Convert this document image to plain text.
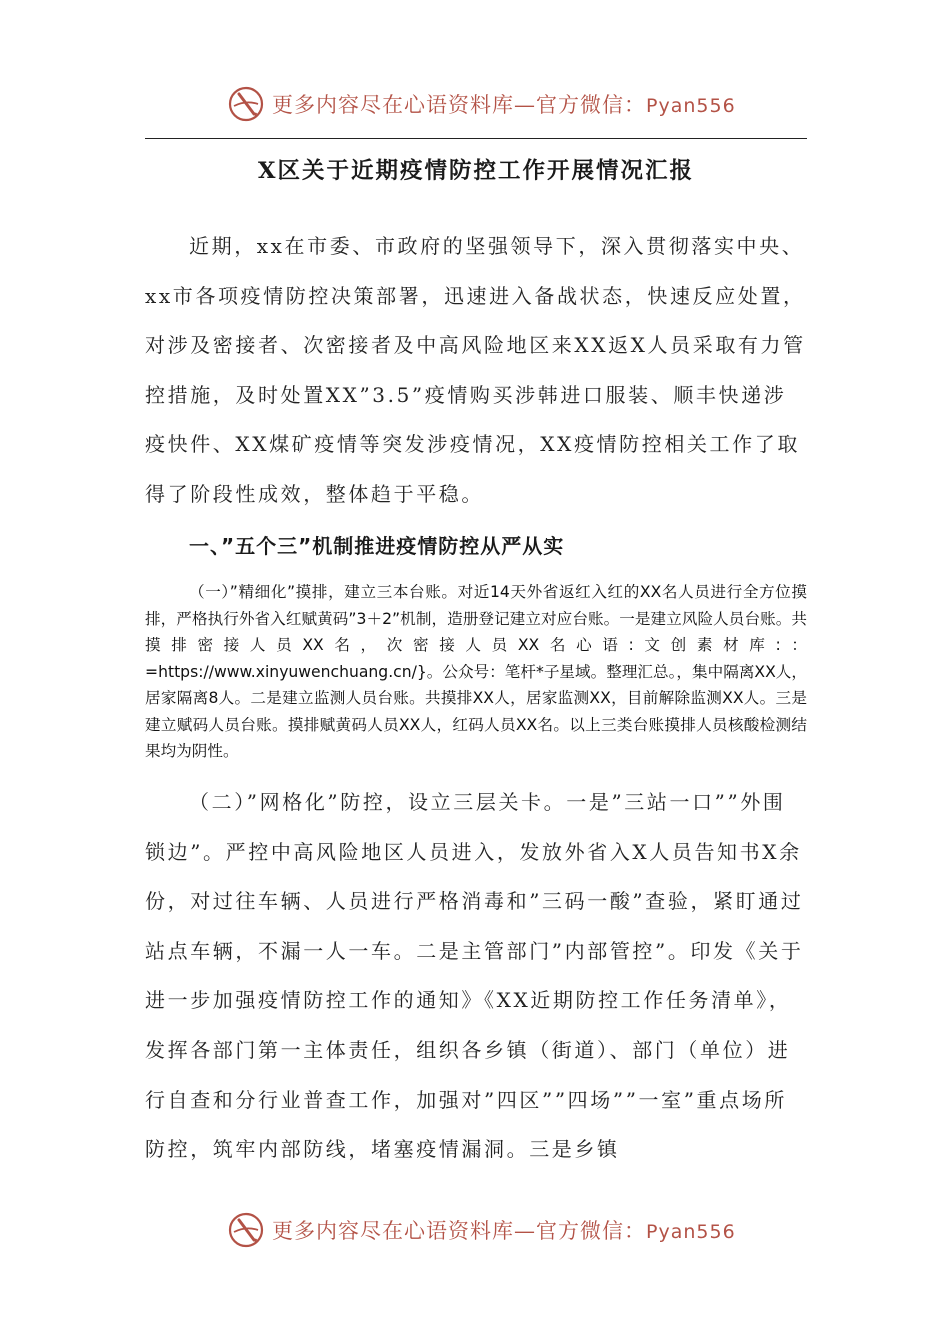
更多内容尽在心语资料库—官方微信：Pyan556
X区关于近期疫情防控工作开展情况汇报

近期，xx在市委、市政府的坚强领导下，深入贯彻落实中央、xx市各项疫情防控决策部署，迅速进入备战状态，快速反应处置，对涉及密接者、次密接者及中高风险地区来XX返X人员采取有力管控措施，及时处置XX”3.5”疫情购买涉韩进口服装、顺丰快递涉疫快件、XX煤矿疫情等突发涉疫情况，XX疫情防控相关工作了取得了阶段性成效，整体趋于平稳。

一、”五个三”机制推进疫情防控从严从实

（一）”精细化”摸排，建立三本台账。对近14天外省返红入红的XX名人员进行全方位摸排，严格执行外省入红赋黄码”3＋2”机制，造册登记建立对应台账。一是建立风险人员台账。共摸排密接人员XX名，次密接人员XX名心语:文创素材库:：=https://www.xinyuwenchuang.cn/}。公众号：笔杆*子星域。整理汇总。，集中隔离XX人，居家隔离8人。二是建立监测人员台账。共摸排XX人，居家监测XX，目前解除监测XX人。三是建立赋码人员台账。摸排赋黄码人员XX人，红码人员XX名。以上三类台账摸排人员核酸检测结果均为阴性。

（二）”网格化”防控，设立三层关卡。一是”三站一口””外围锁边”。严控中高风险地区人员进入，发放外省入X人员告知书X余份，对过往车辆、人员进行严格消毒和”三码一酸”查验，紧盯通过站点车辆，不漏一人一车。二是主管部门”内部管控”。印发《关于进一步加强疫情防控工作的通知》《XX近期防控工作任务清单》，发挥各部门第一主体责任，组织各乡镇（街道）、部门（单位）进行自查和分行业普查工作，加强对”四区””四场””一室”重点场所防控，筑牢内部防线，堵塞疫情漏洞。三是乡镇

更多内容尽在心语资料库—官方微信：Pyan556
